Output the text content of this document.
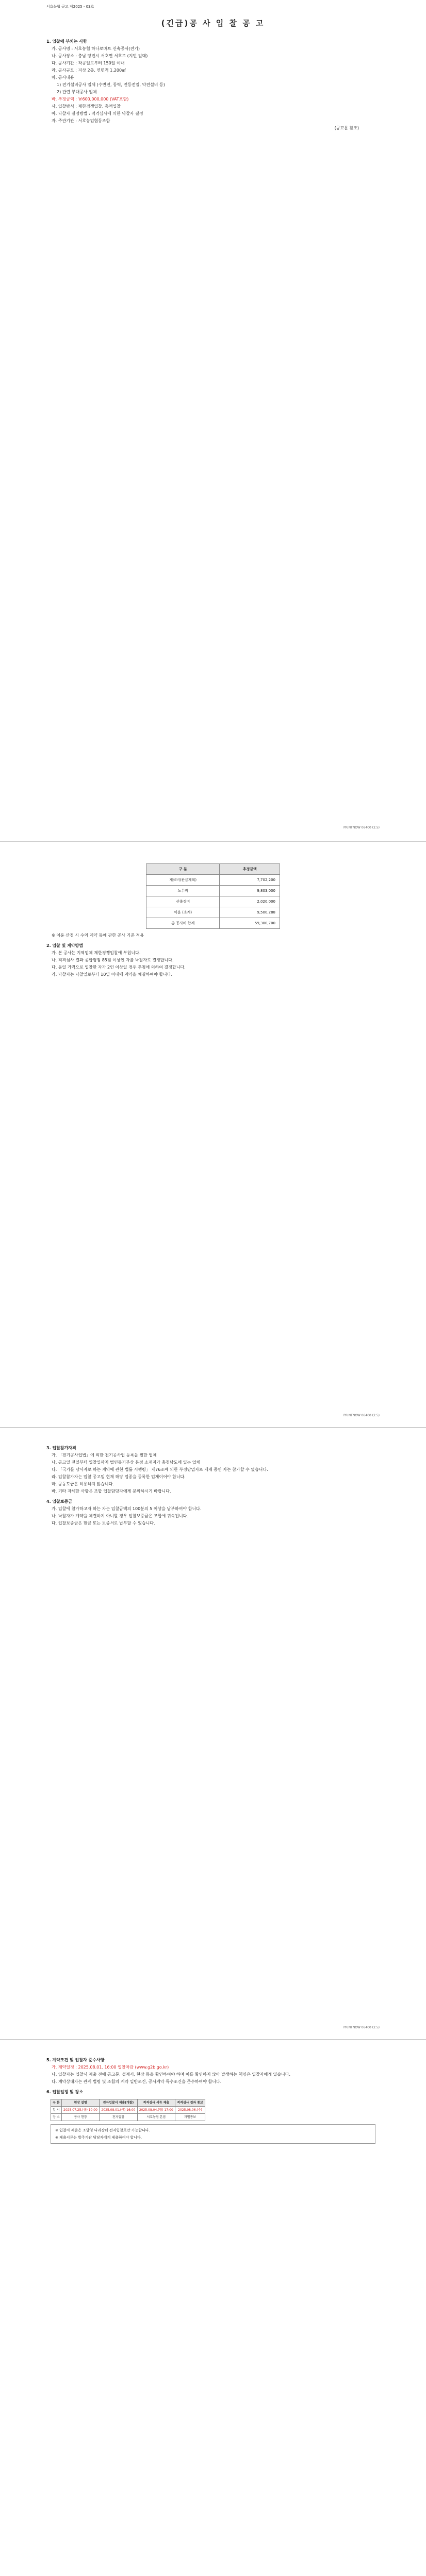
서호농협 공고 제2025 - 03호
(긴급)공 사 입 찰 공 고
1. 입찰에 부치는 사항
가. 공사명 : 서호농협 하나로마트 신축공사(전기)
나. 공사장소 : 충남 당진시 서호면 서호로 (지번 일대)
다. 공사기간 : 착공일로부터 150일 이내
라. 공사규모 : 지상 2층, 연면적 1,200㎡
마. 공사내용
1) 전기설비공사 일체 (수변전, 동력, 전등전열, 약전설비 등)
2) 관련 부대공사 일체
바. 추정금액 : ￦600,000,000 (VAT포함)
사. 입찰방식 : 제한경쟁입찰, 총액입찰
아. 낙찰자 결정방법 : 적격심사에 의한 낙찰자 결정
자. 주관기관 : 서호농업협동조합
(공고문 참조)
PRINTNOW 06400 (2.5)
구 분	추정금액
재료비(관급제외)	7,702,200
노무비	9,803,000
산출경비	2,020,000
이윤 (소계)	9,500,288
총 공사비 합계	59,300,700
※ 이윤 산정 시 수의 계약 등에 관한 공사 기준 적용
2. 입찰 및 계약방법
가. 본 공사는 지역업체 제한경쟁입찰에 부칩니다.
나. 적격심사 결과 종합평점 85점 이상인 자를 낙찰자로 결정합니다.
다. 동일 가격으로 입찰한 자가 2인 이상일 경우 추첨에 의하여 결정합니다.
라. 낙찰자는 낙찰일로부터 10일 이내에 계약을 체결하여야 합니다.
PRINTNOW 06400 (2.5)
3. 입찰참가자격
가. 「전기공사업법」에 의한 전기공사업 등록을 필한 업체
나. 공고일 전일부터 입찰일까지 법인등기부상 본점 소재지가 충청남도에 있는 업체
다. 「국가를 당사자로 하는 계약에 관한 법률 시행령」 제76조에 의한 부정당업자로 제재 중인 자는 참가할 수 없습니다.
라. 입찰참가자는 입찰 공고일 현재 해당 업종을 등록한 업체이어야 합니다.
마. 공동도급은 허용하지 않습니다.
바. 기타 자세한 사항은 조합 입찰담당자에게 문의하시기 바랍니다.
4. 입찰보증금
가. 입찰에 참가하고자 하는 자는 입찰금액의 100분의 5 이상을 납부하여야 합니다.
나. 낙찰자가 계약을 체결하지 아니할 경우 입찰보증금은 조합에 귀속됩니다.
다. 입찰보증금은 현금 또는 보증서로 납부할 수 있습니다.
PRINTNOW 06400 (2.5)
5. 계약조건 및 입찰자 준수사항
가. 계약일정 : 2025.08.01. 16:00 입찰마감 (www.g2b.go.kr)
나. 입찰자는 입찰서 제출 전에 공고문, 설계서, 현장 등을 확인하여야 하며 이를 확인하지 않아 발생하는 책임은 입찰자에게 있습니다.
다. 계약상대자는 관계 법령 및 조합의 계약 일반조건, 공사계약 특수조건을 준수하여야 합니다.
6. 입찰일정 및 장소
구 분	현장 설명	전자입찰서 제출(개찰)	적격심사 서류 제출	적격심사 결과 통보
일 시	2025.07.25.(금) 10:00	2025.08.01.(금) 16:00	2025.08.04.(월) 17:00	2025.08.06.(수)
장 소	공사 현장	전자입찰	서호농협 본점	개별통보
※ 입찰서 제출은 조달청 나라장터 전자입찰로만 가능합니다.
※ 제출서류는 발주기관 담당자에게 제출하여야 합니다.
